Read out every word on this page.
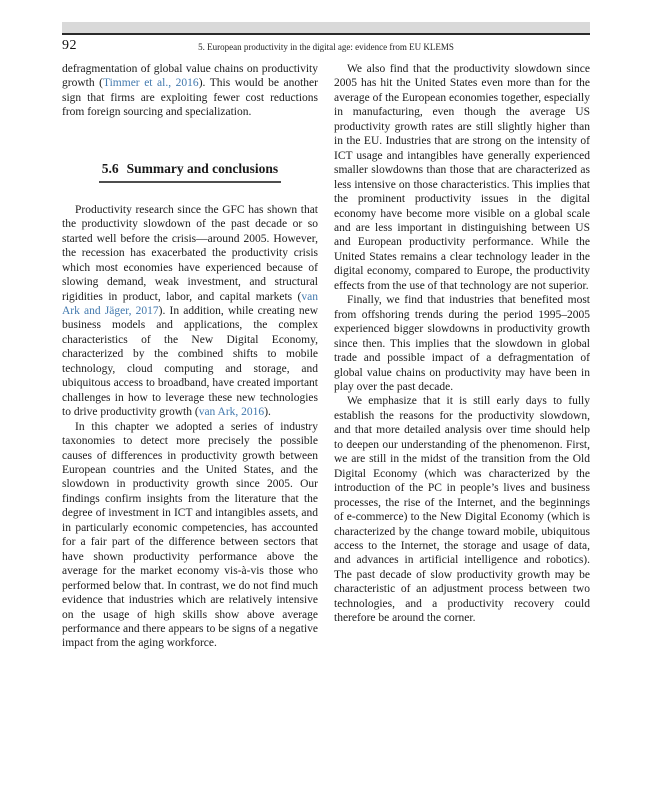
92	5. European productivity in the digital age: evidence from EU KLEMS

defragmentation of global value chains on productivity growth (Timmer et al., 2016). This would be another sign that firms are exploiting fewer cost reductions from foreign sourcing and specialization.

5.6 Summary and conclusions

Productivity research since the GFC has shown that the productivity slowdown of the past decade or so started well before the crisis—around 2005. However, the recession has exacerbated the productivity crisis which most economies have experienced because of slowing demand, weak investment, and structural rigidities in product, labor, and capital markets (van Ark and Jäger, 2017). In addition, while creating new business models and applications, the complex characteristics of the New Digital Economy, characterized by the combined shifts to mobile technology, cloud computing and storage, and ubiquitous access to broadband, have created important challenges in how to leverage these new technologies to drive productivity growth (van Ark, 2016).

In this chapter we adopted a series of industry taxonomies to detect more precisely the possible causes of differences in productivity growth between European countries and the United States, and the slowdown in productivity growth since 2005. Our findings confirm insights from the literature that the degree of investment in ICT and intangibles assets, and in particularly economic competencies, has accounted for a fair part of the difference between sectors that have shown productivity performance above the average for the market economy vis-à-vis those who performed below that. In contrast, we do not find much evidence that industries which are relatively intensive on the usage of high skills show above average performance and there appears to be signs of a negative impact from the aging workforce.

We also find that the productivity slowdown since 2005 has hit the United States even more than for the average of the European economies together, especially in manufacturing, even though the average US productivity growth rates are still slightly higher than in the EU. Industries that are strong on the intensity of ICT usage and intangibles have generally experienced smaller slowdowns than those that are characterized as less intensive on those characteristics. This implies that the prominent productivity issues in the digital economy have become more visible on a global scale and are less important in distinguishing between US and European productivity performance. While the United States remains a clear technology leader in the digital economy, compared to Europe, the productivity effects from the use of that technology are not superior.

Finally, we find that industries that benefited most from offshoring trends during the period 1995–2005 experienced bigger slowdowns in productivity growth since then. This implies that the slowdown in global trade and possible impact of a defragmentation of global value chains on productivity may have been in play over the past decade.

We emphasize that it is still early days to fully establish the reasons for the productivity slowdown, and that more detailed analysis over time should help to deepen our understanding of the phenomenon. First, we are still in the midst of the transition from the Old Digital Economy (which was characterized by the introduction of the PC in people’s lives and business processes, the rise of the Internet, and the beginnings of e-commerce) to the New Digital Economy (which is characterized by the change toward mobile, ubiquitous access to the Internet, the storage and usage of data, and advances in artificial intelligence and robotics). The past decade of slow productivity growth may be characteristic of an adjustment process between two technologies, and a productivity recovery could therefore be around the corner.
